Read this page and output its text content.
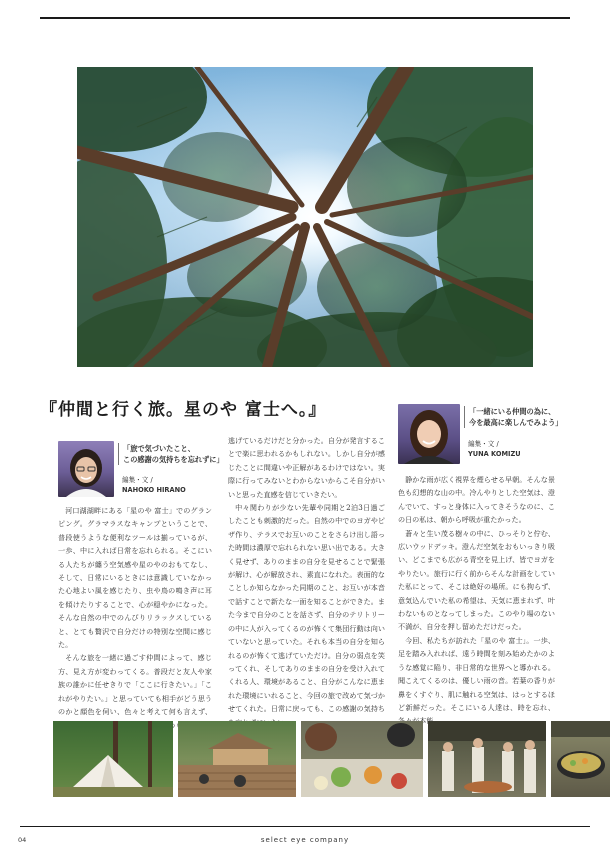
『仲間と行く旅。星のや 富士へ。』
「旅で気づいたこと、
この感謝の気持ちを忘れずに」
編集・文 /
NAHOKO HIRANO
「一緒にいる仲間の為に、
今を最高に楽しんでみよう」
編集・文 /
YUNA KOMIZU

河口湖湖畔にある「星のや 富士」でのグランピング。グラマラスなキャンプということで、普段使うような便利なツールは揃っているが、一歩、中に入れば日常を忘れられる。そこにいる人たちが纏う空気感や星のやのおもてなし、そして、日常にいるときには意識していなかった心地よい風を感じたり、虫や鳥の鳴き声に耳を傾けたりすることで、心が穏やかになった。そんな自然の中でのんびりリラックスしていると、とても贅沢で自分だけの特別な空間に感じた。

そんな旅を一緒に過ごす仲間によって、感じ方、見え方が変わってくる。普段だと友人や家族の誰かに任せきりで「ここに行きたい。」「これがやりたい。」と思っていても相手がどう思うのかと顔色を伺い、色々と考えて何も言えず、

逃げているだけだと分かった。自分が発言することで楽に思われるかもしれない。しかし自分が感じたことに間違いや正解があるわけではない。実際に行ってみないとわからないからこそ自分がいいと思った直感を信じていきたい。

中々関わりが少ない先輩や同期と2泊3日過ごしたことも刺激的だった。自然の中でのヨガやピザ作り、テラスでお互いのことをさらけ出し語った時間は濃厚で忘れられない思い出である。大きく見せず、ありのままの自分を見せることで緊張が解け、心が解放され、素直になれた。表面的なことしか知らなかった同期のこと、お互いが本音で話すことで新たな一面を知ることができた。また今まで自分のことを話さず、自分のテリトリーの中に人が入ってくるのが怖くて集団行動は向いていないと思っていた。それも本当の自分を知られるのが怖くて逃げていただけ。自分の弱点を笑ってくれ、そしてありのままの自分を受け入れてくれる人、環境があること、自分がこんなに恵まれた環境にいれること、今回の旅で改めて気づかせてくれた。日常に戻っても、この感謝の気持ち

静かな雨が広く視界を煙らせる早朝。そんな景色も幻想的な山の中。冷んやりとした空気は、澄んでいて、すっと身体に入ってきそうなのに、この日の私は、朝から呼吸が重たかった。

蒼々と生い茂る樹々の中に、ひっそりと佇む、広いウッドデッキ。澄んだ空気をおもいっきり吸い、どこまでも広がる青空を見上げ、皆でヨガをやりたい。旅行に行く前からそんな計画をしていた私にとって、そこは絶好の場所。にも拘らず、意気込んでいた私の希望は、天気に恵まれず、叶わないものとなってしまった。このやり場のない不満が、自分を押し留めただけだった。

今回、私たちが訪れた「星のや 富士」。一歩、足を踏み入れれば、遠う時間を刻み始めたかのような感覚に陥り、非日常的な世界へと導かれる。聞こえてくるのは、優しい雨の音。若葉の香りが鼻をくすぐり、肌に触れる空気は、はっとするほど新鮮だった。そこにいる人達は、時を忘れ、 本能

04	select eye company
